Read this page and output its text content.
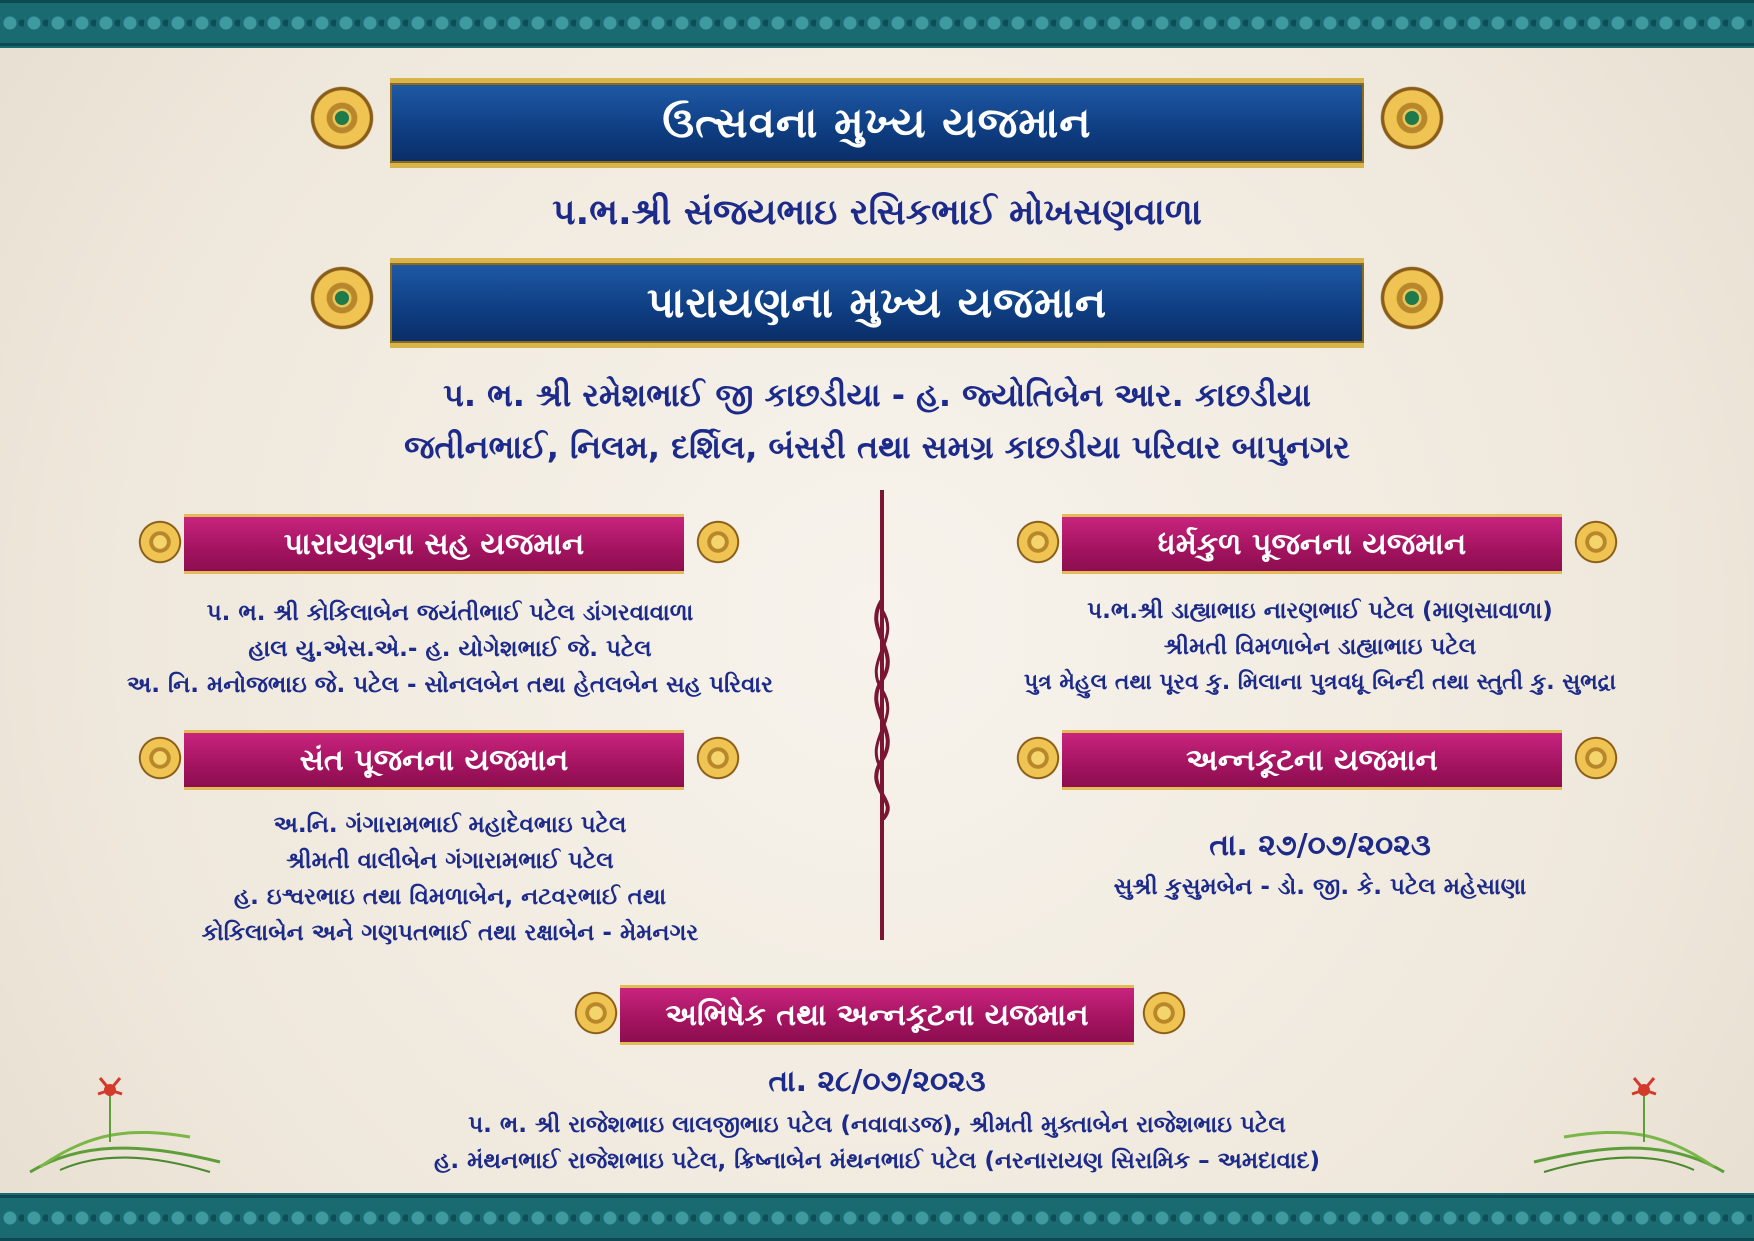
ઉત્સવના મુખ્ય યજમાન
પ.ભ.શ્રી સંજયભાઇ રસિકભાઈ મોખસણવાળા
પારાયણના મુખ્ય યજમાન
પ. ભ. શ્રી રમેશભાઈ જી કાછડીયા - હ. જ્યોતિબેન આર. કાછડીયા
જતીનભાઈ, નિલમ, દર્શિલ, બંસરી તથા સમગ્ર કાછડીયા પરિવાર બાપુનગર
પારાયણના સહ યજમાન
પ. ભ. શ્રી કોકિલાબેન જયંતીભાઈ પટેલ ડાંગરવાવાળા
હાલ યુ.એસ.એ.- હ. યોગેશભાઈ જે. પટેલ
અ. નિ. મનોજભાઇ જે. પટેલ - સોનલબેન તથા હેતલબેન સહ પરિવાર
સંત પૂજનના યજમાન
અ.નિ. ગંગારામભાઈ મહાદેવભાઇ પટેલ
શ્રીમતી વાલીબેન ગંગારામભાઈ પટેલ
હ. ઇશ્વરભાઇ તથા વિમળાબેન, નટવરભાઈ તથા
કોકિલાબેન અને ગણપતભાઈ તથા રક્ષાબેન - મેમનગર
ધર્મકુળ પૂજનના યજમાન
પ.ભ.શ્રી ડાહ્યાભાઇ નારણભાઈ પટેલ (માણસાવાળા)
શ્રીમતી વિમળાબેન ડાહ્યાભાઇ પટેલ
પુત્ર મેહુલ તથા પૂરવ કુ. મિલાના પુત્રવધૂ બિન્દી તથા સ્તુતી કુ. સુભદ્રા
અન્નકૂટના યજમાન
તા. ૨૭/૦૭/૨૦૨૩
સુશ્રી કુસુમબેન - ડો. જી. કે. પટેલ મહેસાણા
અભિષેક તથા અન્નકૂટના યજમાન
તા. ૨૮/૦૭/૨૦૨૩
પ. ભ. શ્રી રાજેશભાઇ લાલજીભાઇ પટેલ (નવાવાડજ), શ્રીમતી મુક્તાબેન રાજેશભાઇ પટેલ
હ. મંથનભાઈ રાજેશભાઇ પટેલ, ક્રિષ્નાબેન મંથનભાઈ પટેલ (નરનારાયણ સિરામિક – અમદાવાદ)
